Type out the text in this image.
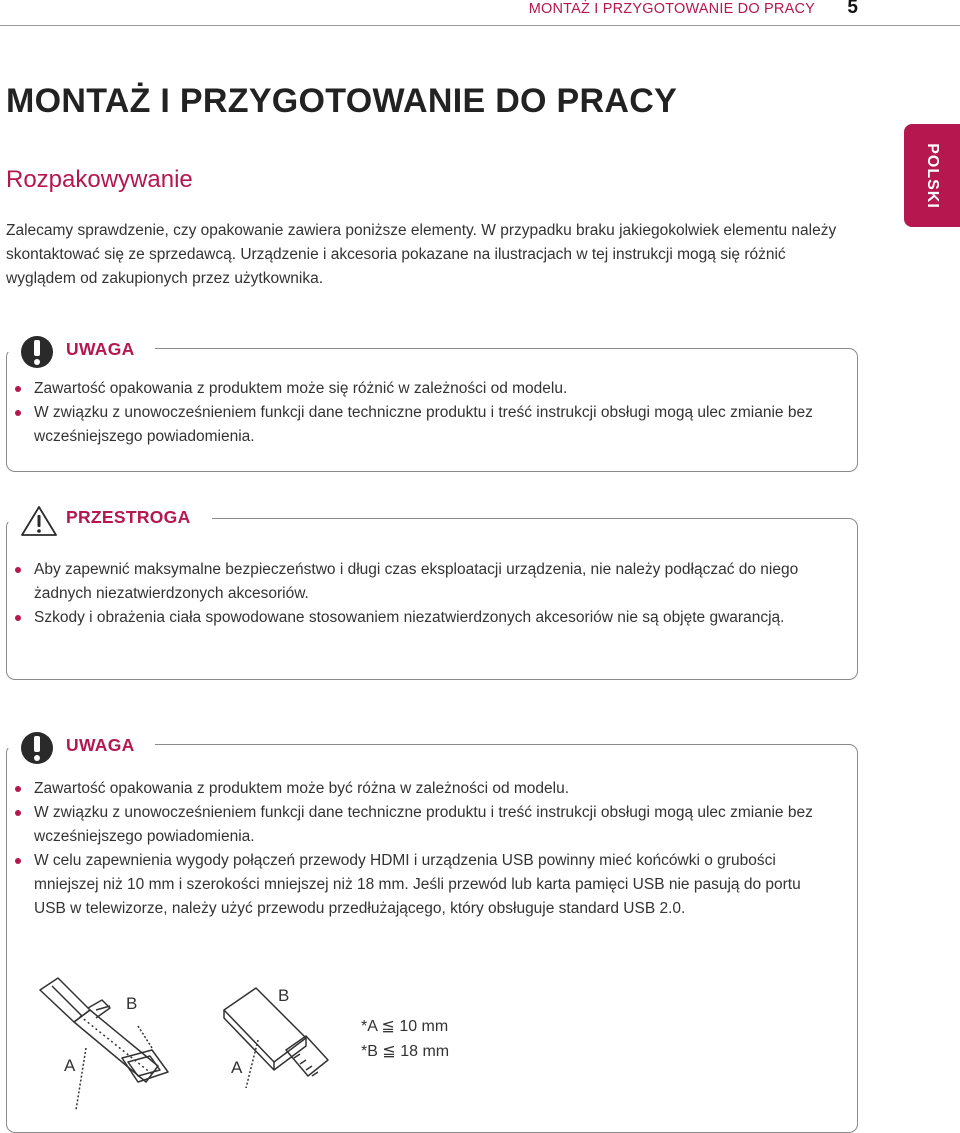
MONTAŻ I PRZYGOTOWANIE DO PRACY 5
MONTAŻ I PRZYGOTOWANIE DO PRACY
Rozpakowywanie

Zalecamy sprawdzenie, czy opakowanie zawiera poniższe elementy. W przypadku braku jakiegokolwiek elementu należy skontaktować się ze sprzedawcą. Urządzenie i akcesoria pokazane na ilustracjach w tej instrukcji mogą się różnić wyglądem od zakupionych przez użytkownika.

POLSKI
UWAGA
Zawartość opakowania z produktem może się różnić w zależności od modelu.
W związku z unowocześnieniem funkcji dane techniczne produktu i treść instrukcji obsługi mogą ulec zmianie bez wcześniejszego powiadomienia.
PRZESTROGA
Aby zapewnić maksymalne bezpieczeństwo i długi czas eksploatacji urządzenia, nie należy podłączać do niego żadnych niezatwierdzonych akcesoriów.
Szkody i obrażenia ciała spowodowane stosowaniem niezatwierdzonych akcesoriów nie są objęte gwarancją.
UWAGA
Zawartość opakowania z produktem może być różna w zależności od modelu.
W związku z unowocześnieniem funkcji dane techniczne produktu i treść instrukcji obsługi mogą ulec zmianie bez wcześniejszego powiadomienia.
W celu zapewnienia wygody połączeń przewody HDMI i urządzenia USB powinny mieć końcówki o grubości mniejszej niż 10 mm i szerokości mniejszej niż 18 mm. Jeśli przewód lub karta pamięci USB nie pasują do portu USB w telewizorze, należy użyć przewodu przedłużającego, który obsługuje standard USB 2.0.
A
B
A
B
*A ≦ 10 mm
*B ≦ 18 mm
